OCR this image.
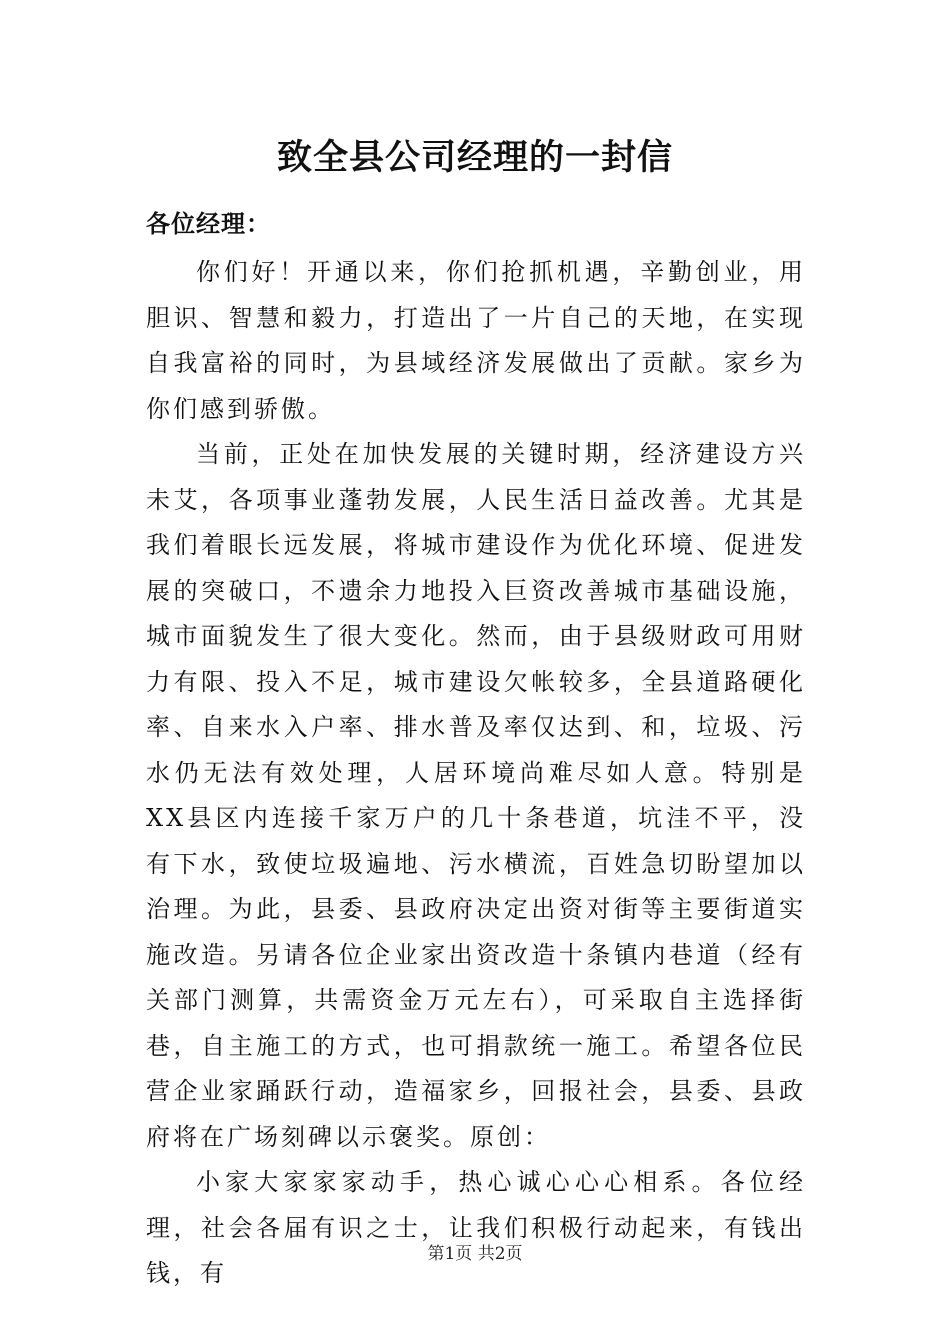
致全县公司经理的一封信
各位经理：

你们好！开通以来，你们抢抓机遇，辛勤创业，用胆识、智慧和毅力，打造出了一片自己的天地，在实现自我富裕的同时，为县域经济发展做出了贡献。家乡为你们感到骄傲。

当前，正处在加快发展的关键时期，经济建设方兴未艾，各项事业蓬勃发展，人民生活日益改善。尤其是我们着眼长远发展，将城市建设作为优化环境、促进发展的突破口，不遗余力地投入巨资改善城市基础设施，城市面貌发生了很大变化。然而，由于县级财政可用财力有限、投入不足，城市建设欠帐较多，全县道路硬化率、自来水入户率、排水普及率仅达到、和，垃圾、污水仍无法有效处理，人居环境尚难尽如人意。特别是XX县区内连接千家万户的几十条巷道，坑洼不平，没有下水，致使垃圾遍地、污水横流，百姓急切盼望加以治理。为此，县委、县政府决定出资对街等主要街道实施改造。另请各位企业家出资改造十条镇内巷道（经有关部门测算，共需资金万元左右），可采取自主选择街巷，自主施工的方式，也可捐款统一施工。希望各位民营企业家踊跃行动，造福家乡，回报社会，县委、县政府将在广场刻碑以示褒奖。原创：

小家大家家家动手，热心诚心心心相系。各位经理，社会各届有识之士，让我们积极行动起来，有钱出钱，有

第1页 共2页
